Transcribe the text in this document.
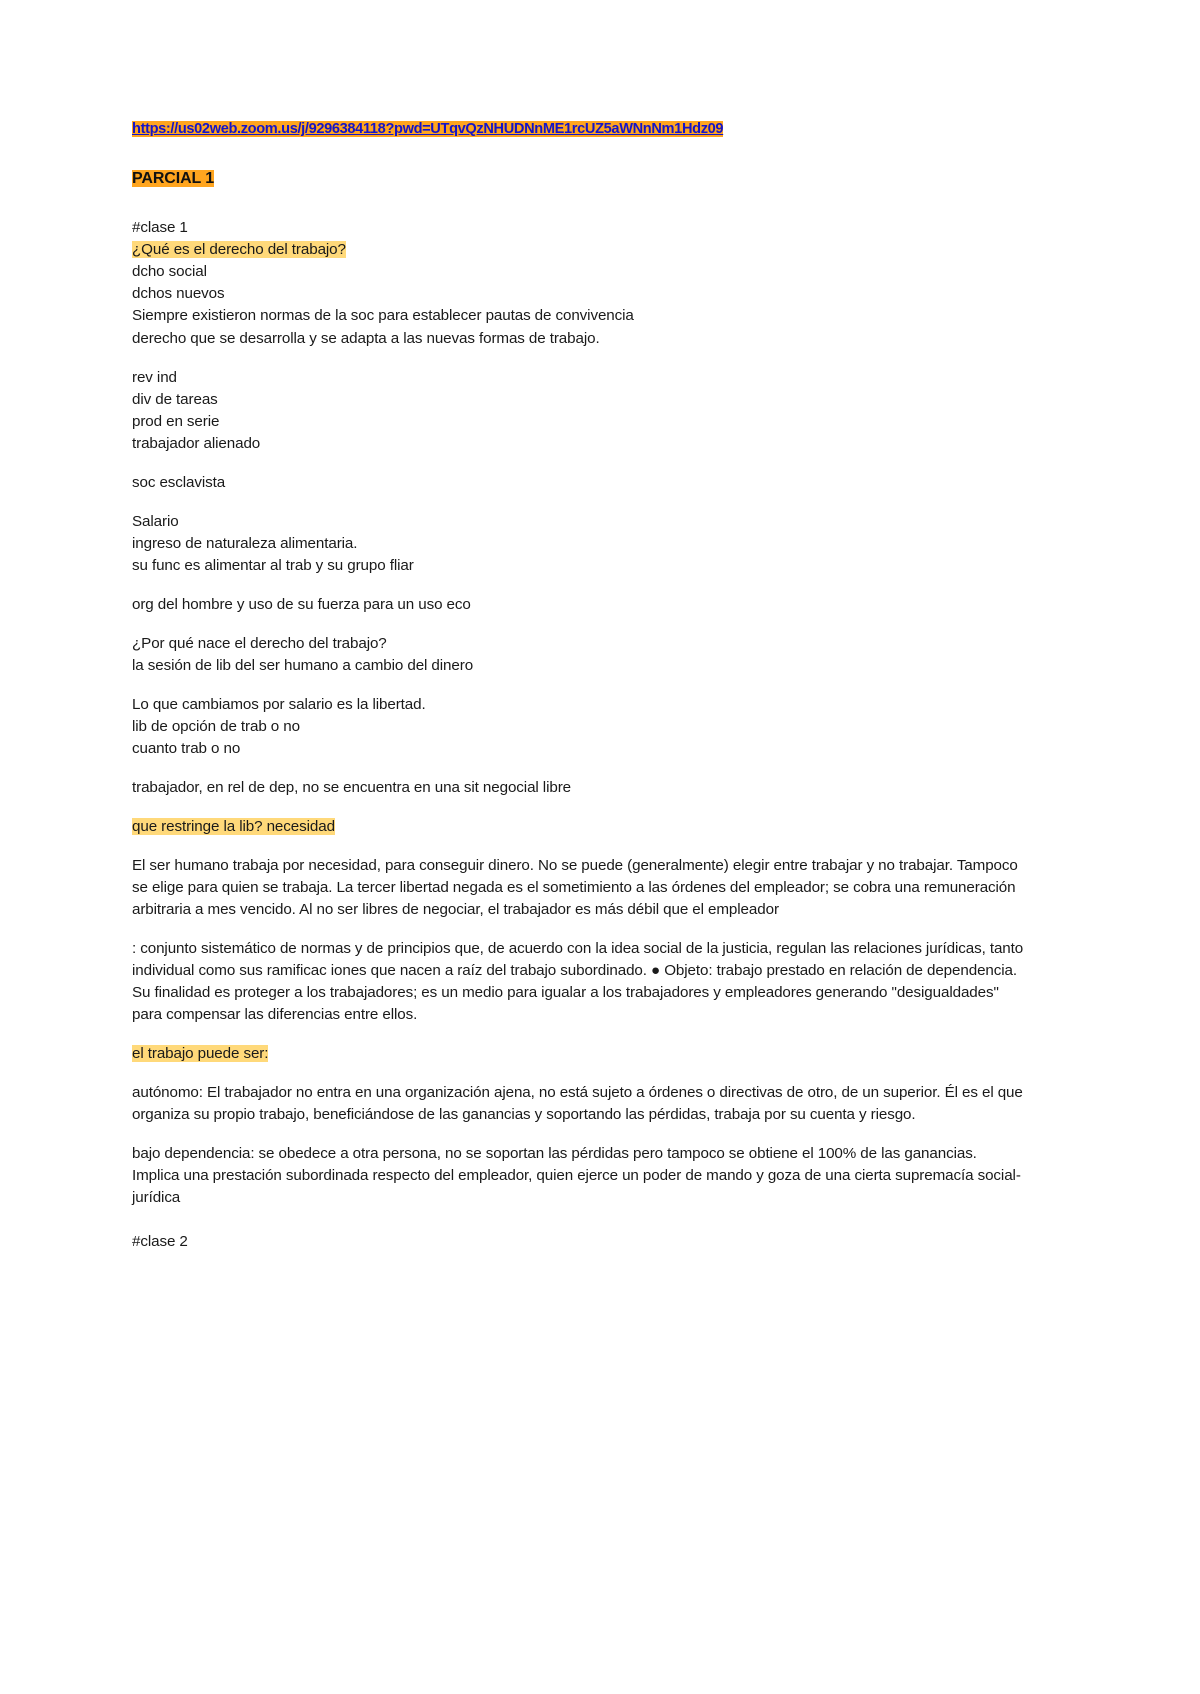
https://us02web.zoom.us/j/9296384118?pwd=UTqvQzNHUDNnME1rcUZ5aWNnNm1Hdz09
PARCIAL 1
#clase 1
¿Qué es el derecho del trabajo?
dcho social
dchos nuevos
Siempre existieron normas de la soc para establecer pautas de convivencia
derecho que se desarrolla y se adapta a las nuevas formas de trabajo.
rev ind
div de tareas
prod en serie
trabajador alienado
soc esclavista
Salario
ingreso de naturaleza alimentaria.
su func es alimentar al trab y su grupo fliar
org del hombre y uso de su fuerza para un uso eco
¿Por qué nace el derecho del trabajo?
la sesión de lib del ser humano a cambio del dinero
Lo que cambiamos por salario es la libertad.
lib de opción de trab o no
cuanto trab o no
trabajador, en rel de dep, no se encuentra en una sit negocial libre
que restringe la lib? necesidad

El ser humano trabaja por necesidad, para conseguir dinero. No se puede (generalmente) elegir entre trabajar y no trabajar. Tampoco se elige para quien se trabaja. La tercer libertad negada es el sometimiento a las órdenes del empleador; se cobra una remuneración arbitraria a mes vencido. Al no ser libres de negociar, el trabajador es más débil que el empleador

: conjunto sistemático de normas y de principios que, de acuerdo con la idea social de la justicia, regulan las relaciones jurídicas, tanto individual como sus ramificac iones que nacen a raíz del trabajo subordinado. ● Objeto: trabajo prestado en relación de dependencia. Su finalidad es proteger a los trabajadores; es un medio para igualar a los trabajadores y empleadores generando "desigualdades" para compensar las diferencias entre ellos.

el trabajo puede ser:

autónomo: El trabajador no entra en una organización ajena, no está sujeto a órdenes o directivas de otro, de un superior. Él es el que organiza su propio trabajo, beneficiándose de las ganancias y soportando las pérdidas, trabaja por su cuenta y riesgo.

bajo dependencia: se obedece a otra persona, no se soportan las pérdidas pero tampoco se obtiene el 100% de las ganancias. Implica una prestación subordinada respecto del empleador, quien ejerce un poder de mando y goza de una cierta supremacía social-jurídica

#clase 2
